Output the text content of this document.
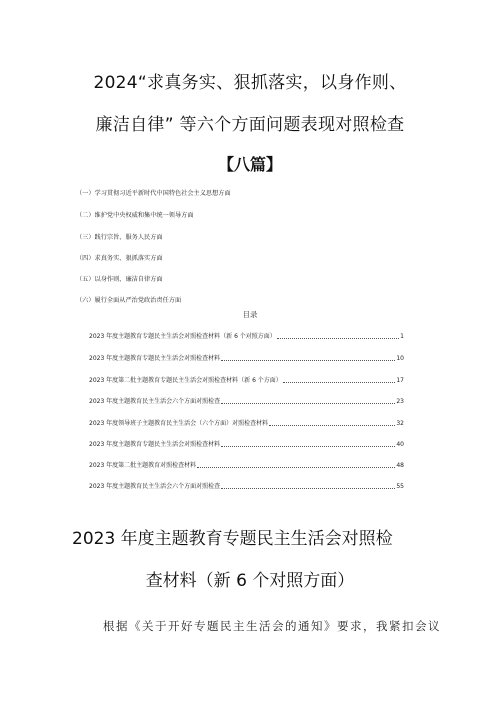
2024“求真务实、狠抓落实，以身作则、
廉洁自律” 等六个方面问题表现对照检查
【八篇】
（一）学习贯彻习近平新时代中国特色社会主义思想方面
（二）维护党中央权威和集中统一领导方面
（三）践行宗旨、服务人民方面
（四）求真务实、狠抓落实方面
（五）以身作则、廉洁自律方面
（六）履行全面从严治党政治责任方面
目录
2023 年度主题教育专题民主生活会对照检查材料（新 6 个对照方面）	1
2023 年度主题教育专题民主生活会对照检查材料	10
2023 年度第二批主题教育专题民主生活会对照检查材料（新 6 个方面）	17
2023 年度主题教育民主生活会六个方面对照检查	23
2023 年度领导班子主题教育民主生活会（六个方面）对照检查材料	32
2023 年度主题教育专题民主生活会对照检查材料	40
2023 年度第二批主题教育对照检查材料	48
2023 年度主题教育民主生活会六个方面对照检查	55
2023 年度主题教育专题民主生活会对照检
查材料（新 6 个对照方面）
根据《关于开好专题民主生活会的通知》要求，我紧扣会议
